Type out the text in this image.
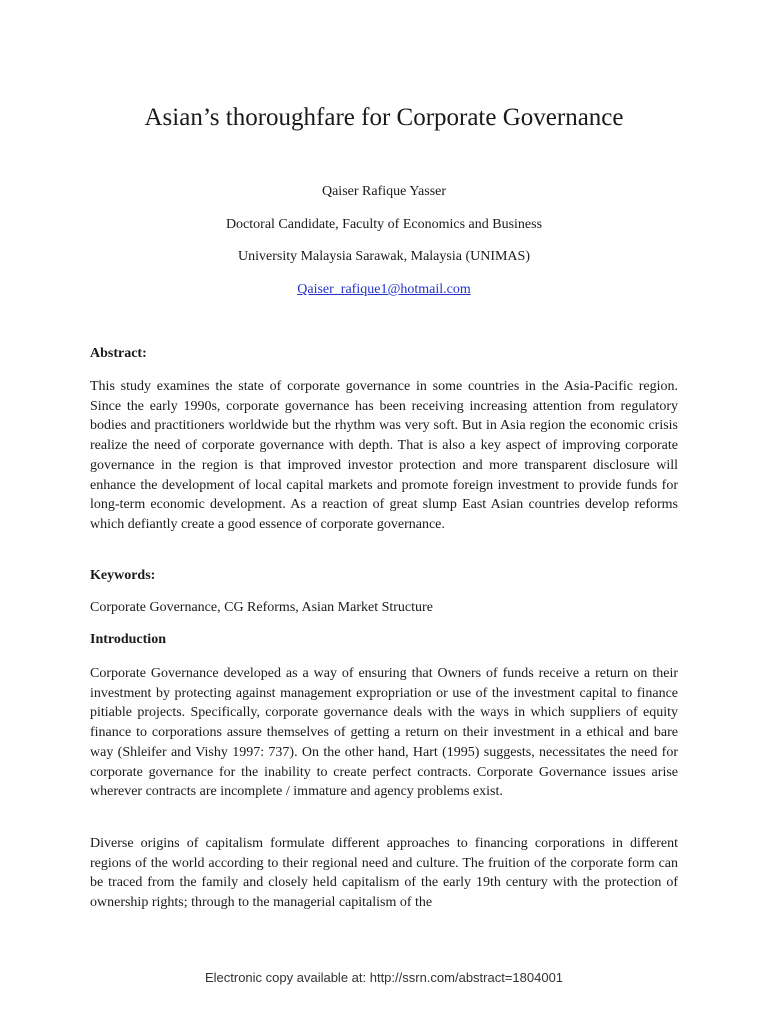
Asian’s thoroughfare for Corporate Governance

Qaiser Rafique Yasser

Doctoral Candidate, Faculty of Economics and Business

University Malaysia Sarawak, Malaysia (UNIMAS)

Qaiser_rafique1@hotmail.com

Abstract:

This study examines the state of corporate governance in some countries in the Asia-Pacific region. Since the early 1990s, corporate governance has been receiving increasing attention from regulatory bodies and practitioners worldwide but the rhythm was very soft. But in Asia region the economic crisis realize the need of corporate governance with depth. That is also a key aspect of improving corporate governance in the region is that improved investor protection and more transparent disclosure will enhance the development of local capital markets and promote foreign investment to provide funds for long-term economic development. As a reaction of great slump East Asian countries develop reforms which defiantly create a good essence of corporate governance.

Keywords:

Corporate Governance, CG Reforms, Asian Market Structure

Introduction

Corporate Governance developed as a way of ensuring that Owners of funds receive a return on their investment by protecting against management expropriation or use of the investment capital to finance pitiable projects. Specifically, corporate governance deals with the ways in which suppliers of equity finance to corporations assure themselves of getting a return on their investment in a ethical and bare way (Shleifer and Vishy 1997: 737). On the other hand, Hart (1995) suggests, necessitates the need for corporate governance for the inability to create perfect contracts. Corporate Governance issues arise wherever contracts are incomplete / immature and agency problems exist.

Diverse origins of capitalism formulate different approaches to financing corporations in different regions of the world according to their regional need and culture. The fruition of the corporate form can be traced from the family and closely held capitalism of the early 19th century with the protection of ownership rights; through to the managerial capitalism of the

Electronic copy available at: http://ssrn.com/abstract=1804001
